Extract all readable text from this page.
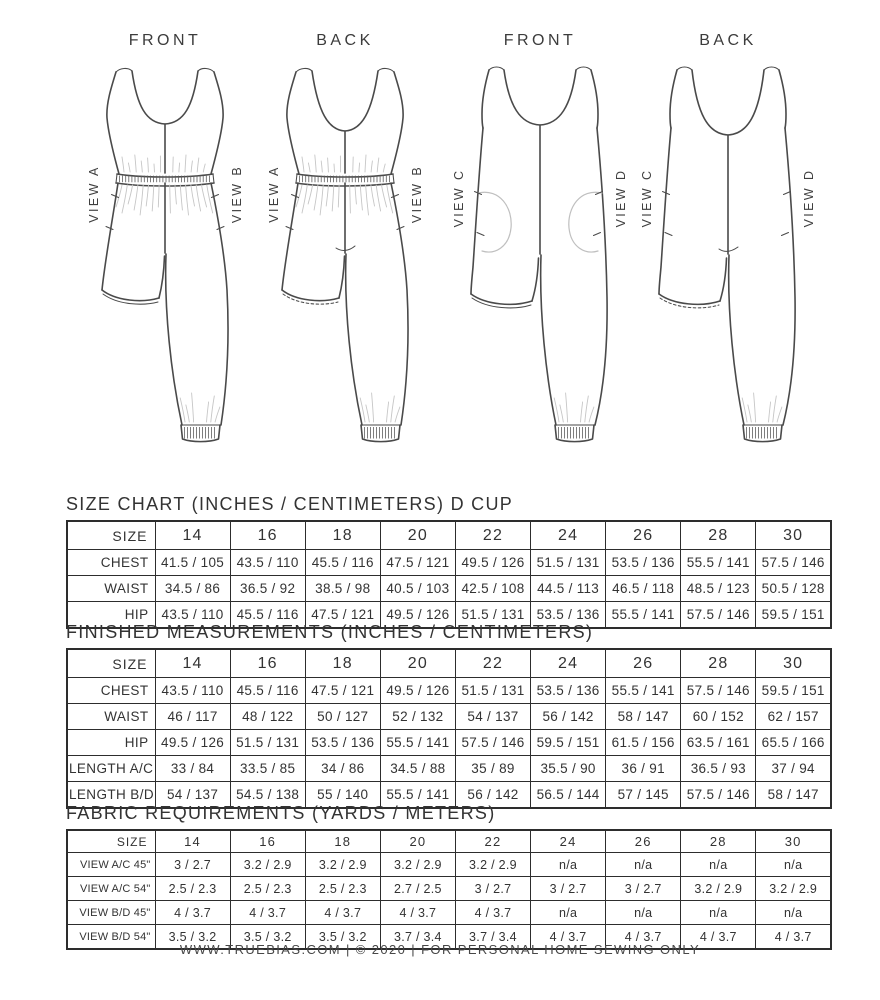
FRONT
VIEW A	VIEW B
BACK
VIEW A	VIEW B
FRONT
VIEW C	VIEW D
BACK
VIEW C	VIEW D
SIZE CHART (INCHES / CENTIMETERS) D CUP
SIZE	14	16	18	20	22	24	26	28	30
CHEST	41.5 / 105	43.5 / 110	45.5 / 116	47.5 / 121	49.5 / 126	51.5 / 131	53.5 / 136	55.5 / 141	57.5 / 146
WAIST	34.5 / 86	36.5 / 92	38.5 / 98	40.5 / 103	42.5 / 108	44.5 / 113	46.5 / 118	48.5 / 123	50.5 / 128
HIP	43.5 / 110	45.5 / 116	47.5 / 121	49.5 / 126	51.5 / 131	53.5 / 136	55.5 / 141	57.5 / 146	59.5 / 151
FINISHED MEASUREMENTS (INCHES / CENTIMETERS)
SIZE	14	16	18	20	22	24	26	28	30
CHEST	43.5 / 110	45.5 / 116	47.5 / 121	49.5 / 126	51.5 / 131	53.5 / 136	55.5 / 141	57.5 / 146	59.5 / 151
WAIST	46 / 117	48 / 122	50 / 127	52 / 132	54 / 137	56 / 142	58 / 147	60 / 152	62 / 157
HIP	49.5 / 126	51.5 / 131	53.5 / 136	55.5 / 141	57.5 / 146	59.5 / 151	61.5 / 156	63.5 / 161	65.5 / 166
LENGTH A/C	33 / 84	33.5 / 85	34 / 86	34.5 / 88	35 / 89	35.5 / 90	36 / 91	36.5 / 93	37 / 94
LENGTH B/D	54 / 137	54.5 / 138	55 / 140	55.5 / 141	56 / 142	56.5 / 144	57 / 145	57.5 / 146	58 / 147
FABRIC REQUIREMENTS (YARDS / METERS)
SIZE	14	16	18	20	22	24	26	28	30
VIEW A/C 45"	3 / 2.7	3.2 / 2.9	3.2 / 2.9	3.2 / 2.9	3.2 / 2.9	n/a	n/a	n/a	n/a
VIEW A/C 54"	2.5 / 2.3	2.5 / 2.3	2.5 / 2.3	2.7 / 2.5	3 / 2.7	3 / 2.7	3 / 2.7	3.2 / 2.9	3.2 / 2.9
VIEW B/D 45"	4 / 3.7	4 / 3.7	4 / 3.7	4 / 3.7	4 / 3.7	n/a	n/a	n/a	n/a
VIEW B/D 54"	3.5 / 3.2	3.5 / 3.2	3.5 / 3.2	3.7 / 3.4	3.7 / 3.4	4 / 3.7	4 / 3.7	4 / 3.7	4 / 3.7
WWW.TRUEBIAS.COM | © 2020 | FOR PERSONAL HOME SEWING ONLY
